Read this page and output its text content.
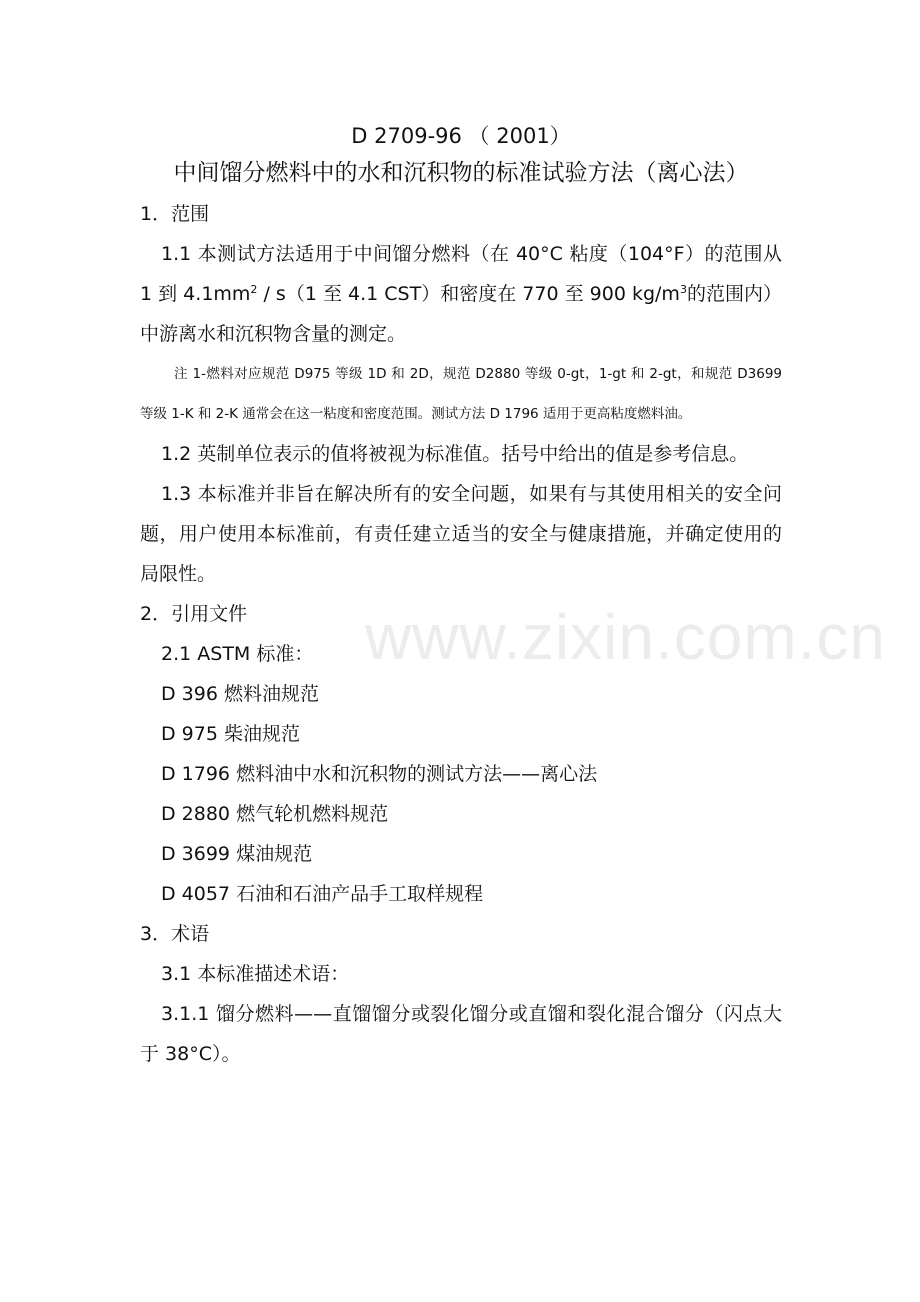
www.zixin.com.cn

D 2709-96 （ 2001）

中间馏分燃料中的水和沉积物的标准试验方法（离心法）

1．范围

1.1 本测试方法适用于中间馏分燃料（在 40°C 粘度（104°F）的范围从 1 到 $4.1mm^2 / s(1$ 至 4.1 CST）和密度在 770 至 900 $kg/m^3$的范围内）中游离水和沉积物含量的测定。

注 1-燃料对应规范 D975 等级 1D 和 2D，规范 D2880 等级 0-gt，1-gt 和 2-gt，和规范 D3699 等级 1-K 和 2-K 通常会在这一粘度和密度范围。测试方法 D 1796 适用于更高粘度燃料油。

1.2 英制单位表示的值将被视为标准值。括号中给出的值是参考信息。

1.3 本标准并非旨在解决所有的安全问题，如果有与其使用相关的安全问题，用户使用本标准前，有责任建立适当的安全与健康措施，并确定使用的局限性。

2．引用文件

2.1 ASTM 标准：

D 396 燃料油规范

D 975 柴油规范

D 1796 燃料油中水和沉积物的测试方法——离心法

D 2880 燃气轮机燃料规范

D 3699 煤油规范

D 4057 石油和石油产品手工取样规程

3．术语

3.1 本标准描述术语：

3.1.1 馏分燃料——直馏馏分或裂化馏分或直馏和裂化混合馏分（闪点大于 38°C）。
